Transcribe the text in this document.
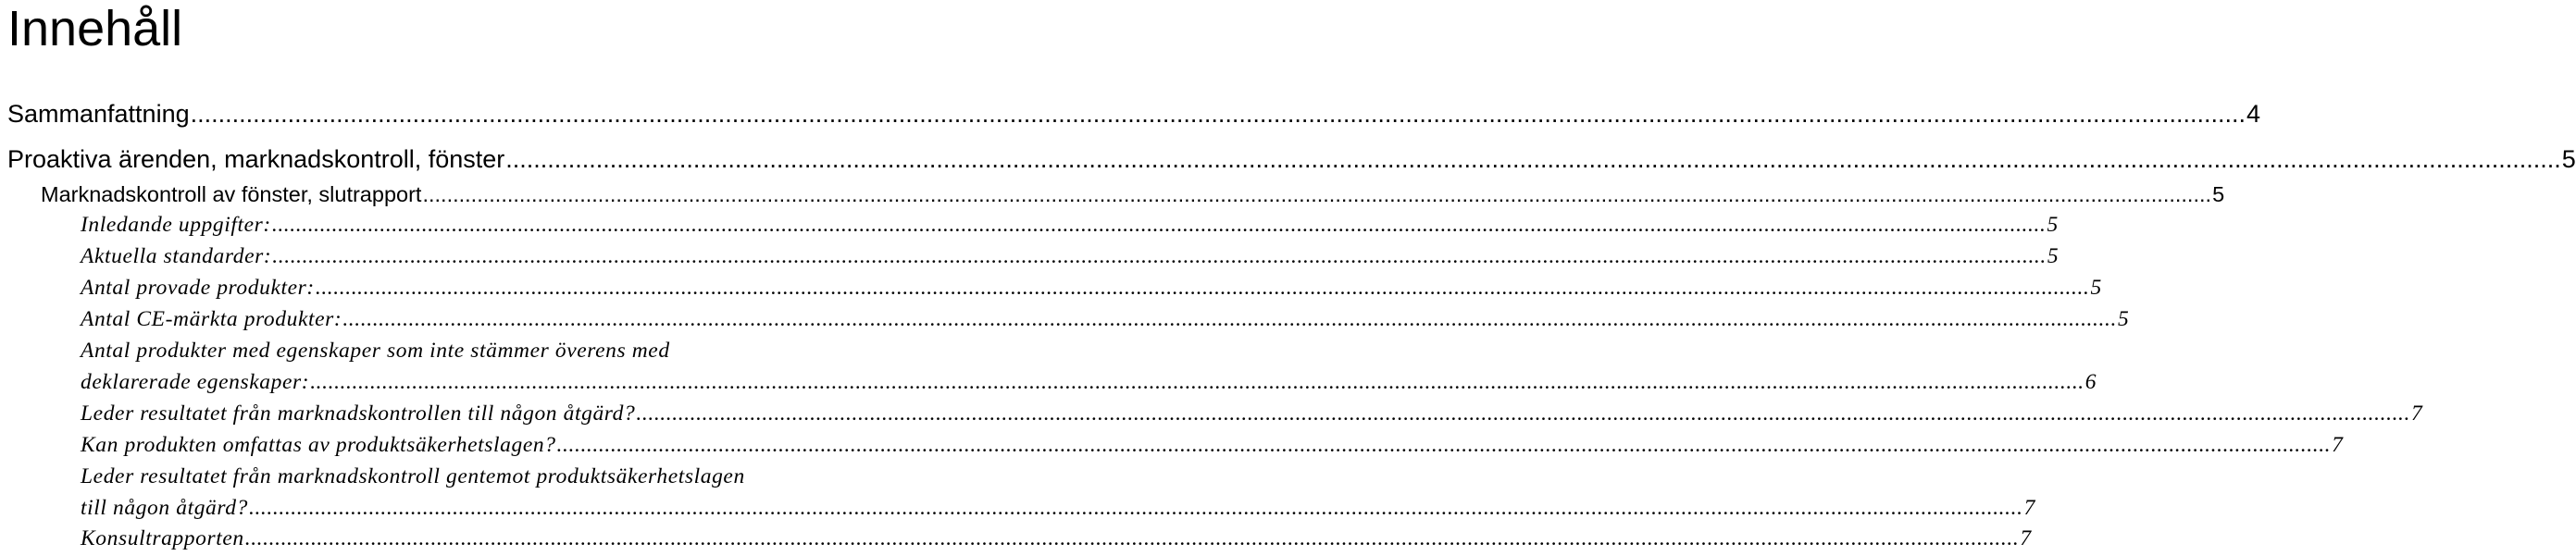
Innehåll
Sammanfattning ........................................................................................................................................................................................................................................................................................................ 4
Proaktiva ärenden, marknadskontroll, fönster ........................................................................................................................................................................................................................................................................................................ 5
Marknadskontroll av fönster, slutrapport ........................................................................................................................................................................................................................................................................................................ 5
Inledande uppgifter: ........................................................................................................................................................................................................................................................................................................ 5
Aktuella standarder: ........................................................................................................................................................................................................................................................................................................ 5
Antal provade produkter: ........................................................................................................................................................................................................................................................................................................ 5
Antal CE-märkta produkter: ........................................................................................................................................................................................................................................................................................................ 5
Antal produkter med egenskaper som inte stämmer överens med
deklarerade egenskaper: ........................................................................................................................................................................................................................................................................................................ 6
Leder resultatet från marknadskontrollen till någon åtgärd? ........................................................................................................................................................................................................................................................................................................ 7
Kan produkten omfattas av produktsäkerhetslagen? ........................................................................................................................................................................................................................................................................................................ 7
Leder resultatet från marknadskontroll gentemot produktsäkerhetslagen
till någon åtgärd? ........................................................................................................................................................................................................................................................................................................ 7
Konsultrapporten ........................................................................................................................................................................................................................................................................................................ 7
